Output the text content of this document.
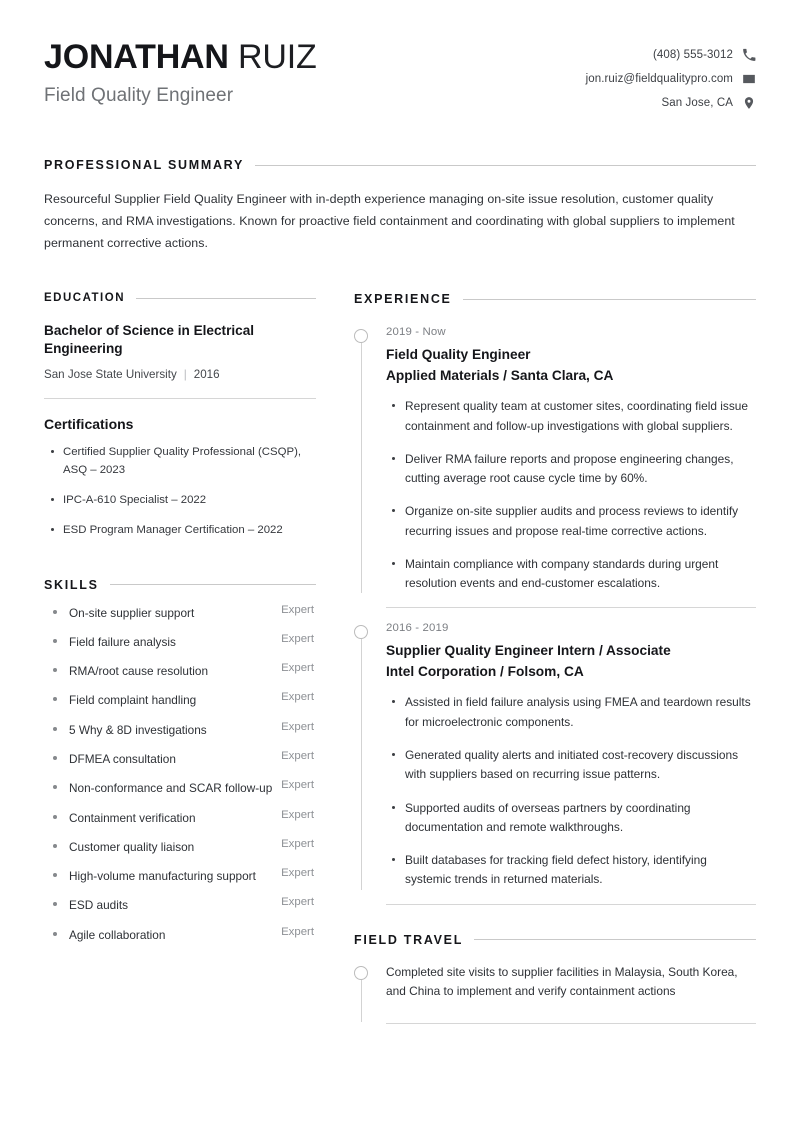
JONATHAN RUIZ
Field Quality Engineer
(408) 555-3012
jon.ruiz@fieldqualitypro.com
San Jose, CA
PROFESSIONAL SUMMARY

Resourceful Supplier Field Quality Engineer with in-depth experience managing on-site issue resolution, customer quality concerns, and RMA investigations. Known for proactive field containment and coordinating with global suppliers to implement permanent corrective actions.

EDUCATION
Bachelor of Science in Electrical Engineering
San Jose State University | 2016
Certifications
Certified Supplier Quality Professional (CSQP), ASQ – 2023
IPC-A-610 Specialist – 2022
ESD Program Manager Certification – 2022
SKILLS
On-site supplier support	Expert
Field failure analysis	Expert
RMA/root cause resolution	Expert
Field complaint handling	Expert
5 Why & 8D investigations	Expert
DFMEA consultation	Expert
Non-conformance and SCAR follow-up Expert
Containment verification	Expert
Customer quality liaison	Expert
High-volume manufacturing support Expert
ESD audits	Expert
Agile collaboration	Expert
EXPERIENCE
2019 - Now
Field Quality Engineer
Applied Materials / Santa Clara, CA
Represent quality team at customer sites, coordinating field issue containment and follow-up investigations with global suppliers.
Deliver RMA failure reports and propose engineering changes, cutting average root cause cycle time by 60%.
Organize on-site supplier audits and process reviews to identify recurring issues and propose real-time corrective actions.
Maintain compliance with company standards during urgent resolution events and end-customer escalations.
2016 - 2019
Supplier Quality Engineer Intern / Associate
Intel Corporation / Folsom, CA
Assisted in field failure analysis using FMEA and teardown results for microelectronic components.
Generated quality alerts and initiated cost-recovery discussions with suppliers based on recurring issue patterns.
Supported audits of overseas partners by coordinating documentation and remote walkthroughs.
Built databases for tracking field defect history, identifying systemic trends in returned materials.
FIELD TRAVEL
Completed site visits to supplier facilities in Malaysia, South Korea, and China to implement and verify containment actions
